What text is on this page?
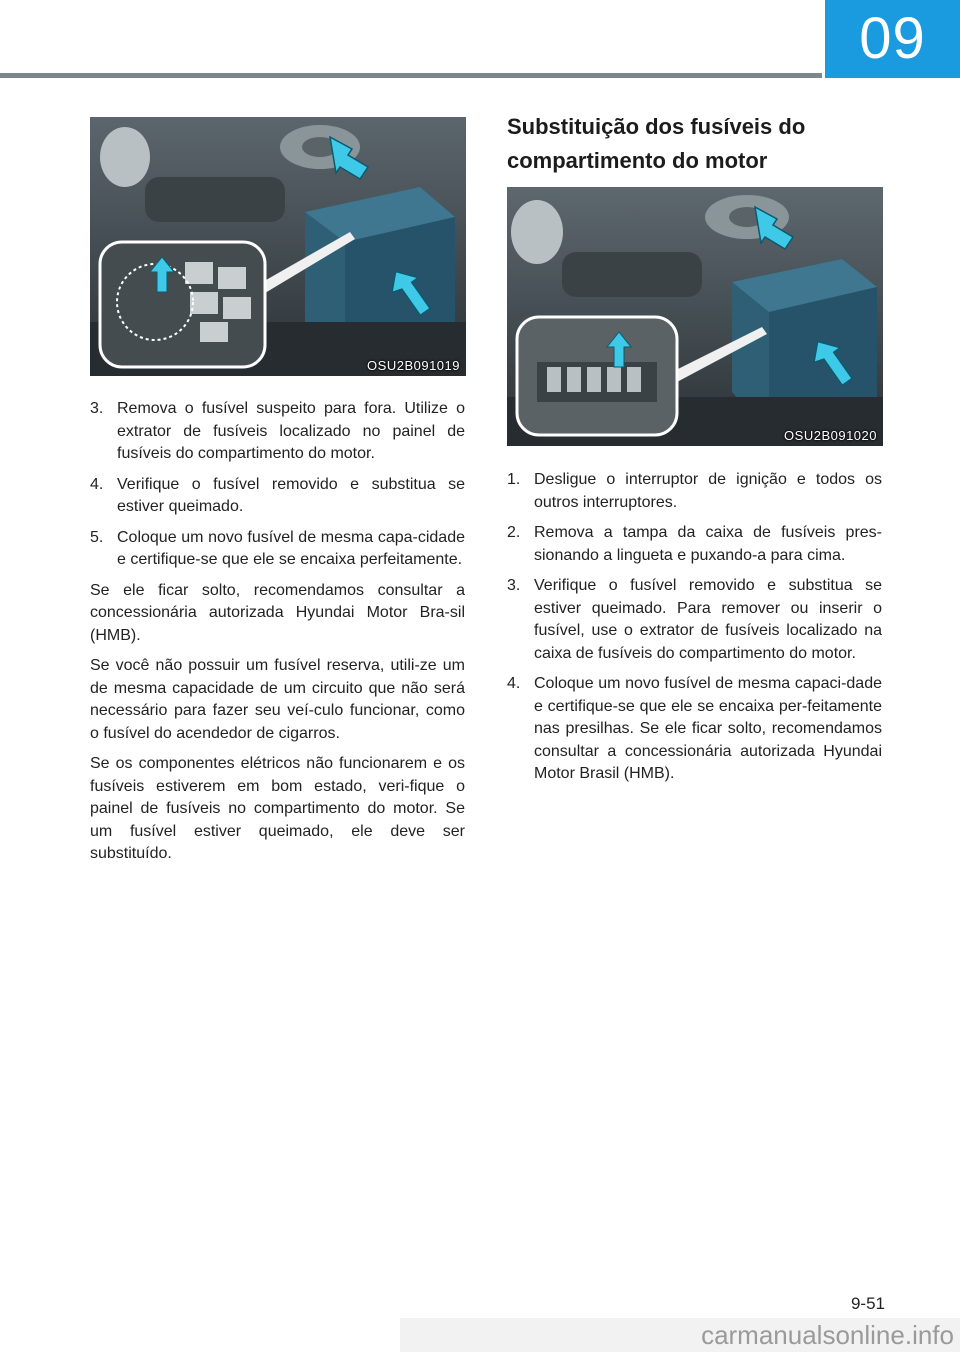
09
OSU2B091019
3. Remova o fusível suspeito para fora. Utilize o extrator de fusíveis localizado no painel de fusíveis do compartimento do motor.
4. Verifique o fusível removido e substitua se estiver queimado.
5. Coloque um novo fusível de mesma capa-cidade e certifique-se que ele se encaixa perfeitamente.

Se ele ficar solto, recomendamos consultar a concessionária autorizada Hyundai Motor Bra-sil (HMB).

Se você não possuir um fusível reserva, utili-ze um de mesma capacidade de um circuito que não será necessário para fazer seu veí-culo funcionar, como o fusível do acendedor de cigarros.

Se os componentes elétricos não funcionarem e os fusíveis estiverem em bom estado, veri-fique o painel de fusíveis no compartimento do motor. Se um fusível estiver queimado, ele deve ser substituído.

Substituição dos fusíveis do compartimento do motor
OSU2B091020
1. Desligue o interruptor de ignição e todos os outros interruptores.
2. Remova a tampa da caixa de fusíveis pres-sionando a lingueta e puxando-a para cima.
3. Verifique o fusível removido e substitua se estiver queimado. Para remover ou inserir o fusível, use o extrator de fusíveis localizado na caixa de fusíveis do compartimento do motor.
4. Coloque um novo fusível de mesma capaci-dade e certifique-se que ele se encaixa per-feitamente nas presilhas. Se ele ficar solto, recomendamos consultar a concessionária autorizada Hyundai Motor Brasil (HMB).
9-51
carmanualsonline.info
